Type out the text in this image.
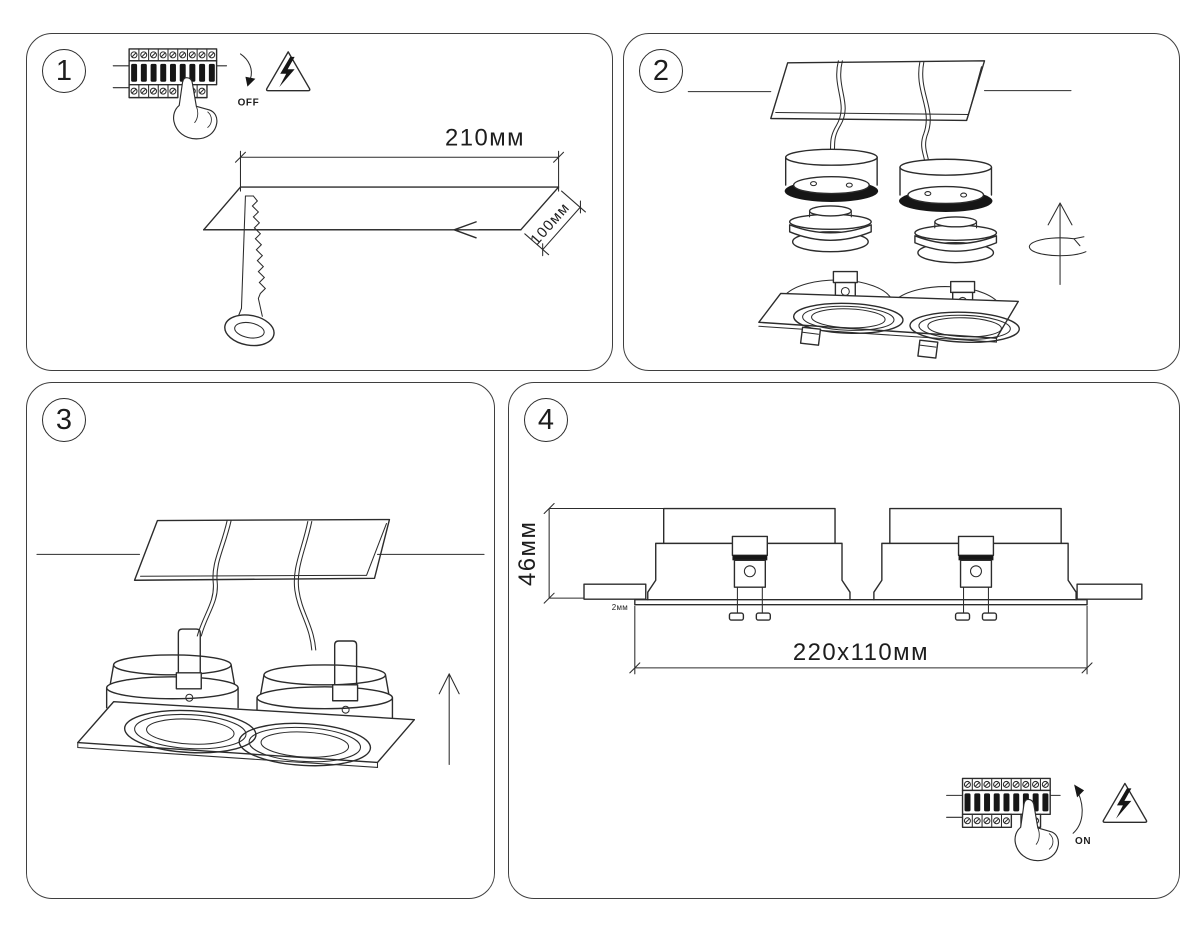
1
OFF
210мм
100мм
2
3	4
46мм
2мм
220x110мм
ON
